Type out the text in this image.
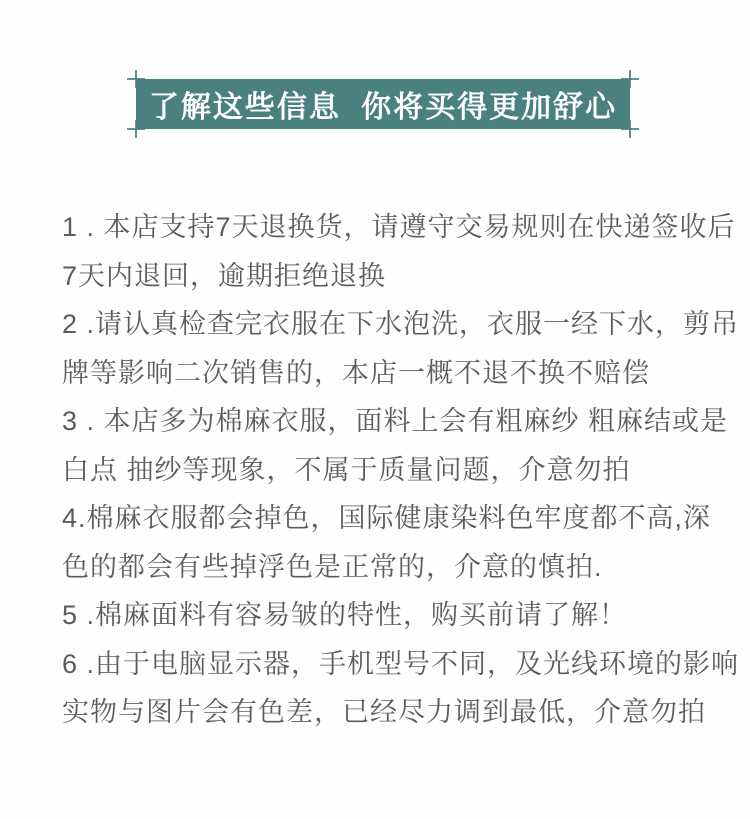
了解这些信息 你将买得更加舒心
1 . 本店支持7天退换货，请遵守交易规则在快递签收后
7天内退回，逾期拒绝退换
2 .请认真检查完衣服在下水泡洗，衣服一经下水，剪吊
牌等影响二次销售的，本店一概不退不换不赔偿
3 . 本店多为棉麻衣服，面料上会有粗麻纱 粗麻结或是
白点 抽纱等现象，不属于质量问题，介意勿拍
4.棉麻衣服都会掉色，国际健康染料色牢度都不高,深
色的都会有些掉浮色是正常的，介意的慎拍.
5 .棉麻面料有容易皱的特性，购买前请了解！
6 .由于电脑显示器，手机型号不同，及光线环境的影响
实物与图片会有色差，已经尽力调到最低，介意勿拍
